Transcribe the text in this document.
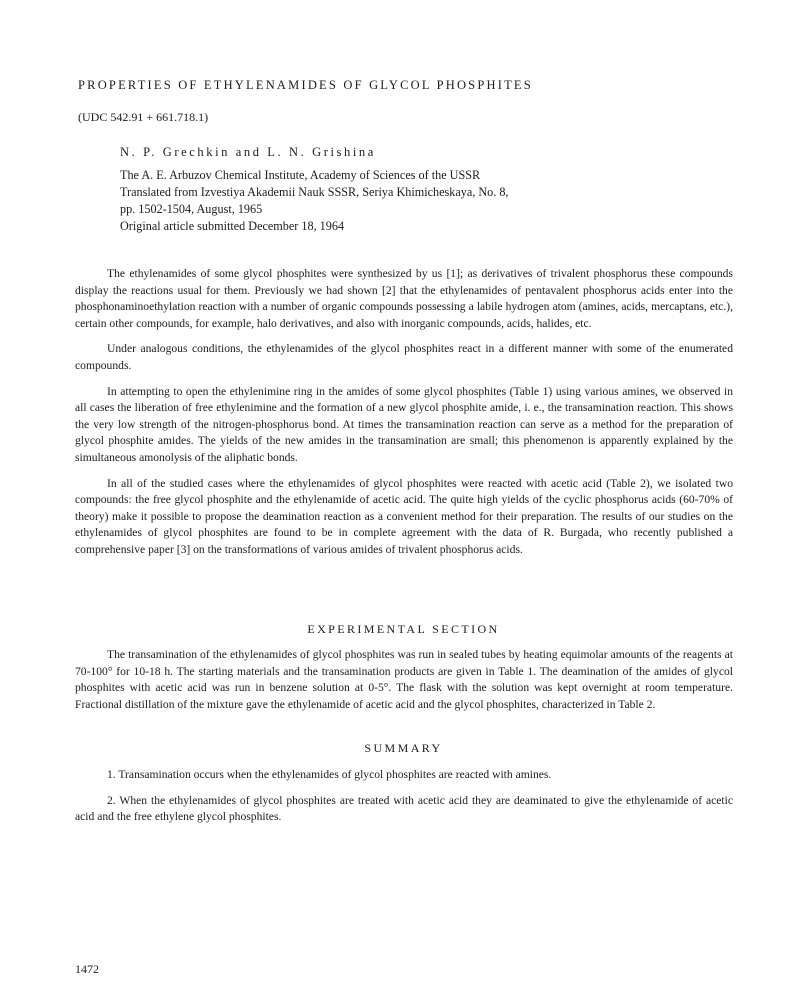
PROPERTIES OF ETHYLENAMIDES OF GLYCOL PHOSPHITES
(UDC 542.91 + 661.718.1)
N. P. Grechkin and L. N. Grishina
The A. E. Arbuzov Chemical Institute, Academy of Sciences of the USSR
Translated from Izvestiya Akademii Nauk SSSR, Seriya Khimicheskaya, No. 8,
pp. 1502-1504, August, 1965
Original article submitted December 18, 1964

The ethylenamides of some glycol phosphites were synthesized by us [1]; as derivatives of trivalent phosphorus these compounds display the reactions usual for them. Previously we had shown [2] that the ethylenamides of pentavalent phosphorus acids enter into the phosphonaminoethylation reaction with a number of organic compounds possessing a labile hydrogen atom (amines, acids, mercaptans, etc.), certain other compounds, for example, halo derivatives, and also with inorganic compounds, acids, halides, etc.

Under analogous conditions, the ethylenamides of the glycol phosphites react in a different manner with some of the enumerated compounds.

In attempting to open the ethylenimine ring in the amides of some glycol phosphites (Table 1) using various amines, we observed in all cases the liberation of free ethylenimine and the formation of a new glycol phosphite amide, i. e., the transamination reaction. This shows the very low strength of the nitrogen-phosphorus bond. At times the transamination reaction can serve as a method for the preparation of glycol phosphite amides. The yields of the new amides in the transamination are small; this phenomenon is apparently explained by the simultaneous amonolysis of the aliphatic bonds.

In all of the studied cases where the ethylenamides of glycol phosphites were reacted with acetic acid (Table 2), we isolated two compounds: the free glycol phosphite and the ethylenamide of acetic acid. The quite high yields of the cyclic phosphorus acids (60-70% of theory) make it possible to propose the deamination reaction as a convenient method for their preparation. The results of our studies on the ethylenamides of glycol phosphites are found to be in complete agreement with the data of R. Burgada, who recently published a comprehensive paper [3] on the transformations of various amides of trivalent phosphorus acids.

EXPERIMENTAL SECTION

The transamination of the ethylenamides of glycol phosphites was run in sealed tubes by heating equimolar amounts of the reagents at 70-100° for 10-18 h. The starting materials and the transamination products are given in Table 1. The deamination of the amides of glycol phosphites with acetic acid was run in benzene solution at 0-5°. The flask with the solution was kept overnight at room temperature. Fractional distillation of the mixture gave the ethylenamide of acetic acid and the glycol phosphites, characterized in Table 2.

SUMMARY

1. Transamination occurs when the ethylenamides of glycol phosphites are reacted with amines.

2. When the ethylenamides of glycol phosphites are treated with acetic acid they are deaminated to give the ethylenamide of acetic acid and the free ethylene glycol phosphites.

1472
